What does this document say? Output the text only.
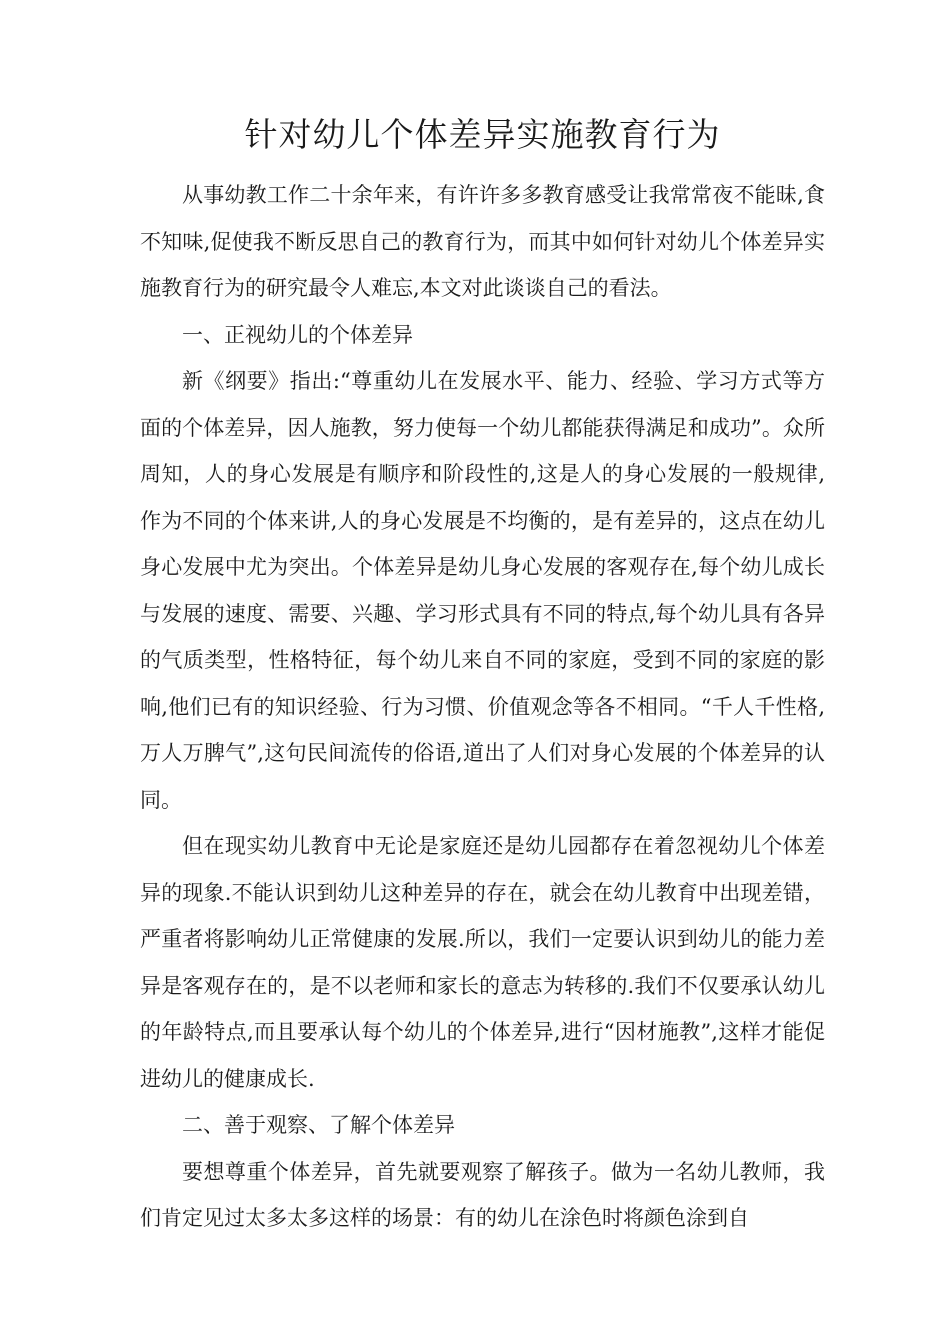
针对幼儿个体差异实施教育行为

从事幼教工作二十余年来，有许许多多教育感受让我常常夜不能昧,食不知味,促使我不断反思自己的教育行为，而其中如何针对幼儿个体差异实施教育行为的研究最令人难忘,本文对此谈谈自己的看法。

一、正视幼儿的个体差异

新《纲要》指出:“尊重幼儿在发展水平、能力、经验、学习方式等方面的个体差异，因人施教，努力使每一个幼儿都能获得满足和成功”。众所周知，人的身心发展是有顺序和阶段性的,这是人的身心发展的一般规律,作为不同的个体来讲,人的身心发展是不均衡的，是有差异的，这点在幼儿身心发展中尤为突出。个体差异是幼儿身心发展的客观存在,每个幼儿成长与发展的速度、需要、兴趣、学习形式具有不同的特点,每个幼儿具有各异的气质类型，性格特征，每个幼儿来自不同的家庭，受到不同的家庭的影响,他们已有的知识经验、行为习惯、价值观念等各不相同。“千人千性格,万人万脾气”,这句民间流传的俗语,道出了人们对身心发展的个体差异的认同。

但在现实幼儿教育中无论是家庭还是幼儿园都存在着忽视幼儿个体差异的现象.不能认识到幼儿这种差异的存在，就会在幼儿教育中出现差错，严重者将影响幼儿正常健康的发展.所以，我们一定要认识到幼儿的能力差异是客观存在的，是不以老师和家长的意志为转移的.我们不仅要承认幼儿的年龄特点,而且要承认每个幼儿的个体差异,进行“因材施教”,这样才能促进幼儿的健康成长.

二、善于观察、了解个体差异

要想尊重个体差异，首先就要观察了解孩子。做为一名幼儿教师，我们肯定见过太多太多这样的场景：有的幼儿在涂色时将颜色涂到自
